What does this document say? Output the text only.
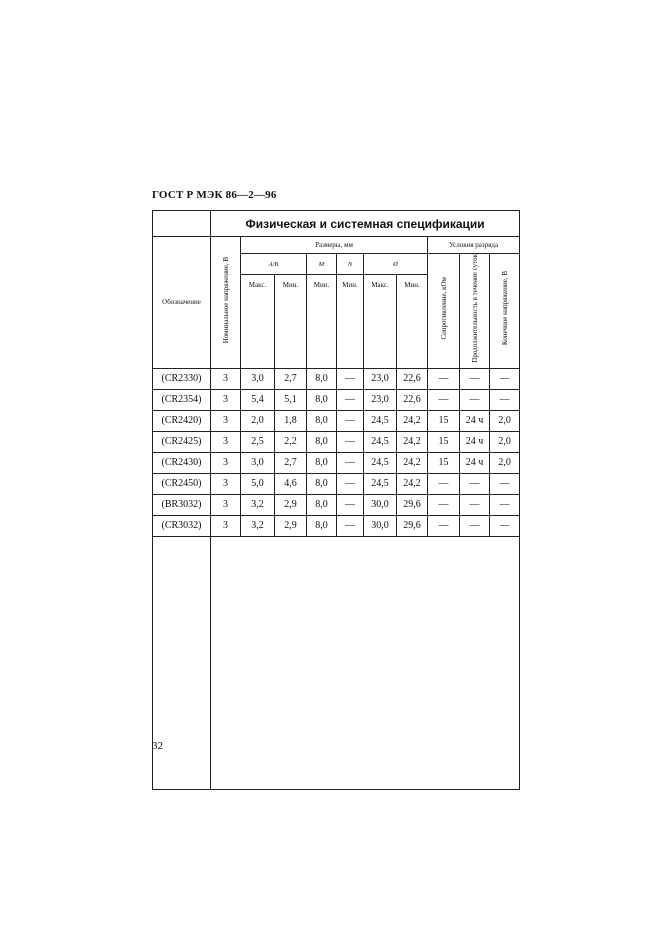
ГОСТ Р МЭК 86—2—96
	Физическая и системная спецификации									
Обозначение	Номинальное напряжение, В	Размеры, мм						Условия разряда		
		A/B		M	N	Ø		Сопротивление, кОм	Продолжительность в течение суток	Конечное напряжение, В
		Макс.	Мин.	Мин.	Мин.	Макс.	Мин.			
(CR2330)	3	3,0	2,7	8,0	—	23,0	22,6	—	—	—
(CR2354)	3	5,4	5,1	8,0	—	23,0	22,6	—	—	—
(CR2420)	3	2,0	1,8	8,0	—	24,5	24,2	15	24 ч	2,0
(CR2425)	3	2,5	2,2	8,0	—	24,5	24,2	15	24 ч	2,0
(CR2430)	3	3,0	2,7	8,0	—	24,5	24,2	15	24 ч	2,0
(CR2450)	3	5,0	4,6	8,0	—	24,5	24,2	—	—	—
(BR3032)	3	3,2	2,9	8,0	—	30,0	29,6	—	—	—
(CR3032)	3	3,2	2,9	8,0	—	30,0	29,6	—	—	—

32
